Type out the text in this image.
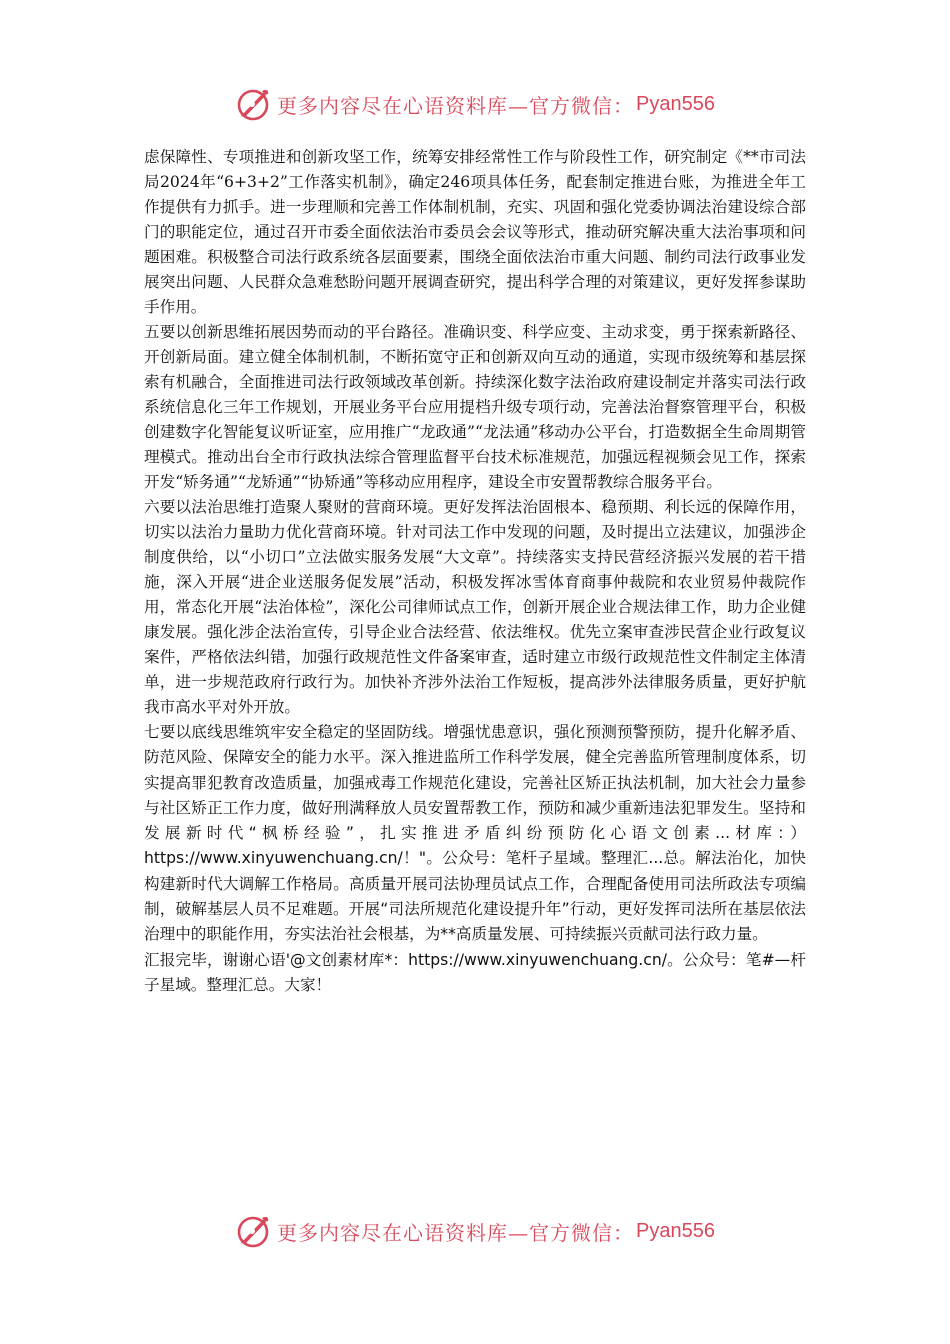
更多内容尽在心语资料库—官方微信： Pyan556

虑保障性、专项推进和创新攻坚工作，统筹安排经常性工作与阶段性工作，研究制定《**市司法局2024年“6+3+2”工作落实机制》，确定246项具体任务，配套制定推进台账，为推进全年工作提供有力抓手。进一步理顺和完善工作体制机制，充实、巩固和强化党委协调法治建设综合部门的职能定位，通过召开市委全面依法治市委员会会议等形式，推动研究解决重大法治事项和问题困难。积极整合司法行政系统各层面要素，围绕全面依法治市重大问题、制约司法行政事业发展突出问题、人民群众急难愁盼问题开展调查研究，提出科学合理的对策建议，更好发挥参谋助手作用。

五要以创新思维拓展因势而动的平台路径。准确识变、科学应变、主动求变，勇于探索新路径、开创新局面。建立健全体制机制，不断拓宽守正和创新双向互动的通道，实现市级统筹和基层探索有机融合，全面推进司法行政领域改革创新。持续深化数字法治政府建设制定并落实司法行政系统信息化三年工作规划，开展业务平台应用提档升级专项行动，完善法治督察管理平台，积极创建数字化智能复议听证室，应用推广“龙政通”“龙法通”移动办公平台，打造数据全生命周期管理模式。推动出台全市行政执法综合管理监督平台技术标准规范，加强远程视频会见工作，探索开发“矫务通”“龙矫通”“协矫通”等移动应用程序，建设全市安置帮教综合服务平台。

六要以法治思维打造聚人聚财的营商环境。更好发挥法治固根本、稳预期、利长远的保障作用，切实以法治力量助力优化营商环境。针对司法工作中发现的问题，及时提出立法建议，加强涉企制度供给，以“小切口”立法做实服务发展“大文章”。持续落实支持民营经济振兴发展的若干措施，深入开展“进企业送服务促发展”活动，积极发挥冰雪体育商事仲裁院和农业贸易仲裁院作用，常态化开展“法治体检”，深化公司律师试点工作，创新开展企业合规法律工作，助力企业健康发展。强化涉企法治宣传，引导企业合法经营、依法维权。优先立案审查涉民营企业行政复议案件，严格依法纠错，加强行政规范性文件备案审查，适时建立市级行政规范性文件制定主体清单，进一步规范政府行政行为。加快补齐涉外法治工作短板，提高涉外法律服务质量，更好护航我市高水平对外开放。

七要以底线思维筑牢安全稳定的坚固防线。增强忧患意识，强化预测预警预防，提升化解矛盾、防范风险、保障安全的能力水平。深入推进监所工作科学发展，健全完善监所管理制度体系，切实提高罪犯教育改造质量，加强戒毒工作规范化建设，完善社区矫正执法机制，加大社会力量参与社区矫正工作力度，做好刑满释放人员安置帮教工作，预防和减少重新违法犯罪发生。坚持和发展新时代“枫桥经验”，扎实推进矛盾纠纷预防化心语文创素...材库：）https://www.xinyuwenchuang.cn/！"。公众号：笔杆子星域。整理汇...总。解法治化，加快构建新时代大调解工作格局。高质量开展司法协理员试点工作，合理配备使用司法所政法专项编制，破解基层人员不足难题。开展“司法所规范化建设提升年”行动，更好发挥司法所在基层依法治理中的职能作用，夯实法治社会根基，为**高质量发展、可持续振兴贡献司法行政力量。

汇报完毕，谢谢心语'@文创素材库*：https://www.xinyuwenchuang.cn/。公众号：笔#—杆子星域。整理汇总。大家！

更多内容尽在心语资料库—官方微信： Pyan556
